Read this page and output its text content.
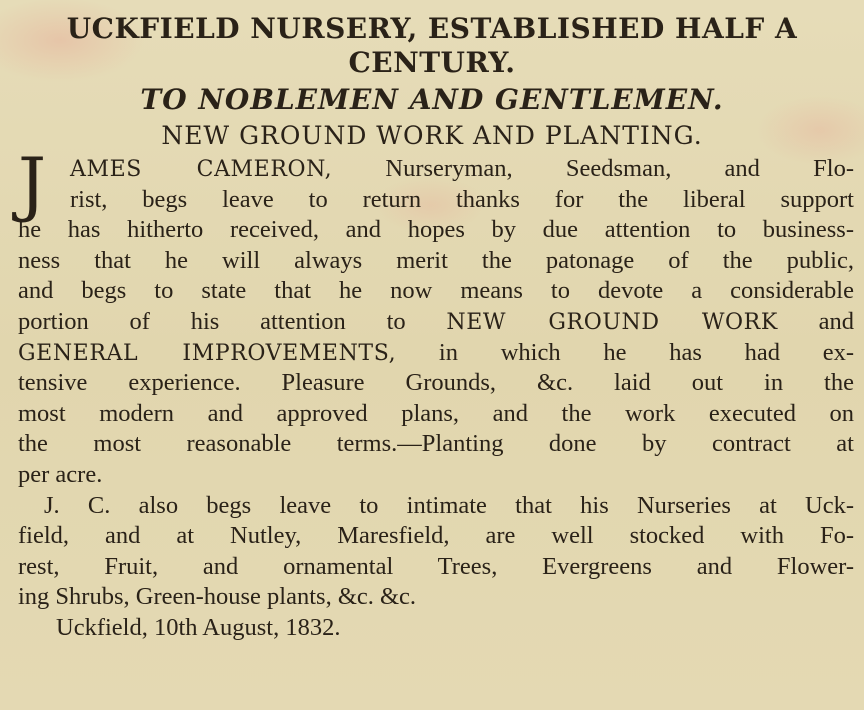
UCKFIELD NURSERY, ESTABLISHED HALF A

CENTURY.

TO NOBLEMEN AND GENTLEMEN.

NEW GROUND WORK AND PLANTING.

J	AMES CAMERON, Nurseryman, Seedsman, and Flo-
rist, begs leave to return thanks for the liberal support
he has hitherto received, and hopes by due attention to business-
ness that he will always merit the patonage of the public,
and begs to state that he now means to devote a considerable
portion of his attention to NEW GROUND WORK and
GENERAL IMPROVEMENTS, in which he has had ex-
tensive experience. Pleasure Grounds, &c. laid out in the
most modern and approved plans, and the work executed on
the most reasonable terms.—Planting done by contract at
per acre.
J. C. also begs leave to intimate that his Nurseries at Uck-
field, and at Nutley, Maresfield, are well stocked with Fo-
rest, Fruit, and ornamental Trees, Evergreens and Flower-
ing Shrubs, Green-house plants, &c. &c.
Uckfield, 10th August, 1832.
